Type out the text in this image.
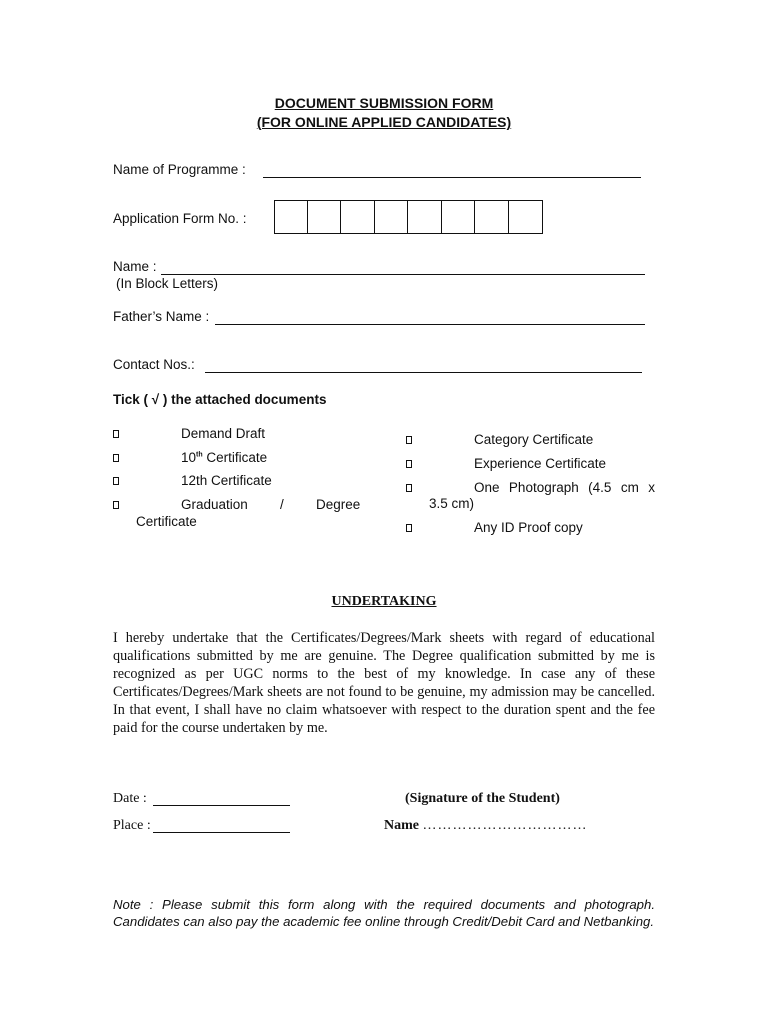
DOCUMENT SUBMISSION FORM
(FOR ONLINE APPLIED CANDIDATES)
Name of Programme :
Application Form No. :
Name :
(In Block Letters)
Father’s Name :
Contact Nos.:
Tick ( √ ) the attached documents
Demand Draft
10th Certificate
12th Certificate
Graduation / Degree
Certificate
Category Certificate
Experience Certificate
One Photograph (4.5 cm x
3.5 cm)
Any ID Proof copy
UNDERTAKING
I hereby undertake that the Certificates/Degrees/Mark sheets with regard of educational qualifications submitted by me are genuine. The Degree qualification submitted by me is recognized as per UGC norms to the best of my knowledge. In case any of these Certificates/Degrees/Mark sheets are not found to be genuine, my admission may be cancelled. In that event, I shall have no claim whatsoever with respect to the duration spent and the fee paid for the course undertaken by me.
Date :	(Signature of the Student)
Place :	Name ……………………………
Note : Please submit this form along with the required documents and photograph. Candidates can also pay the academic fee online through Credit/Debit Card and Netbanking.
